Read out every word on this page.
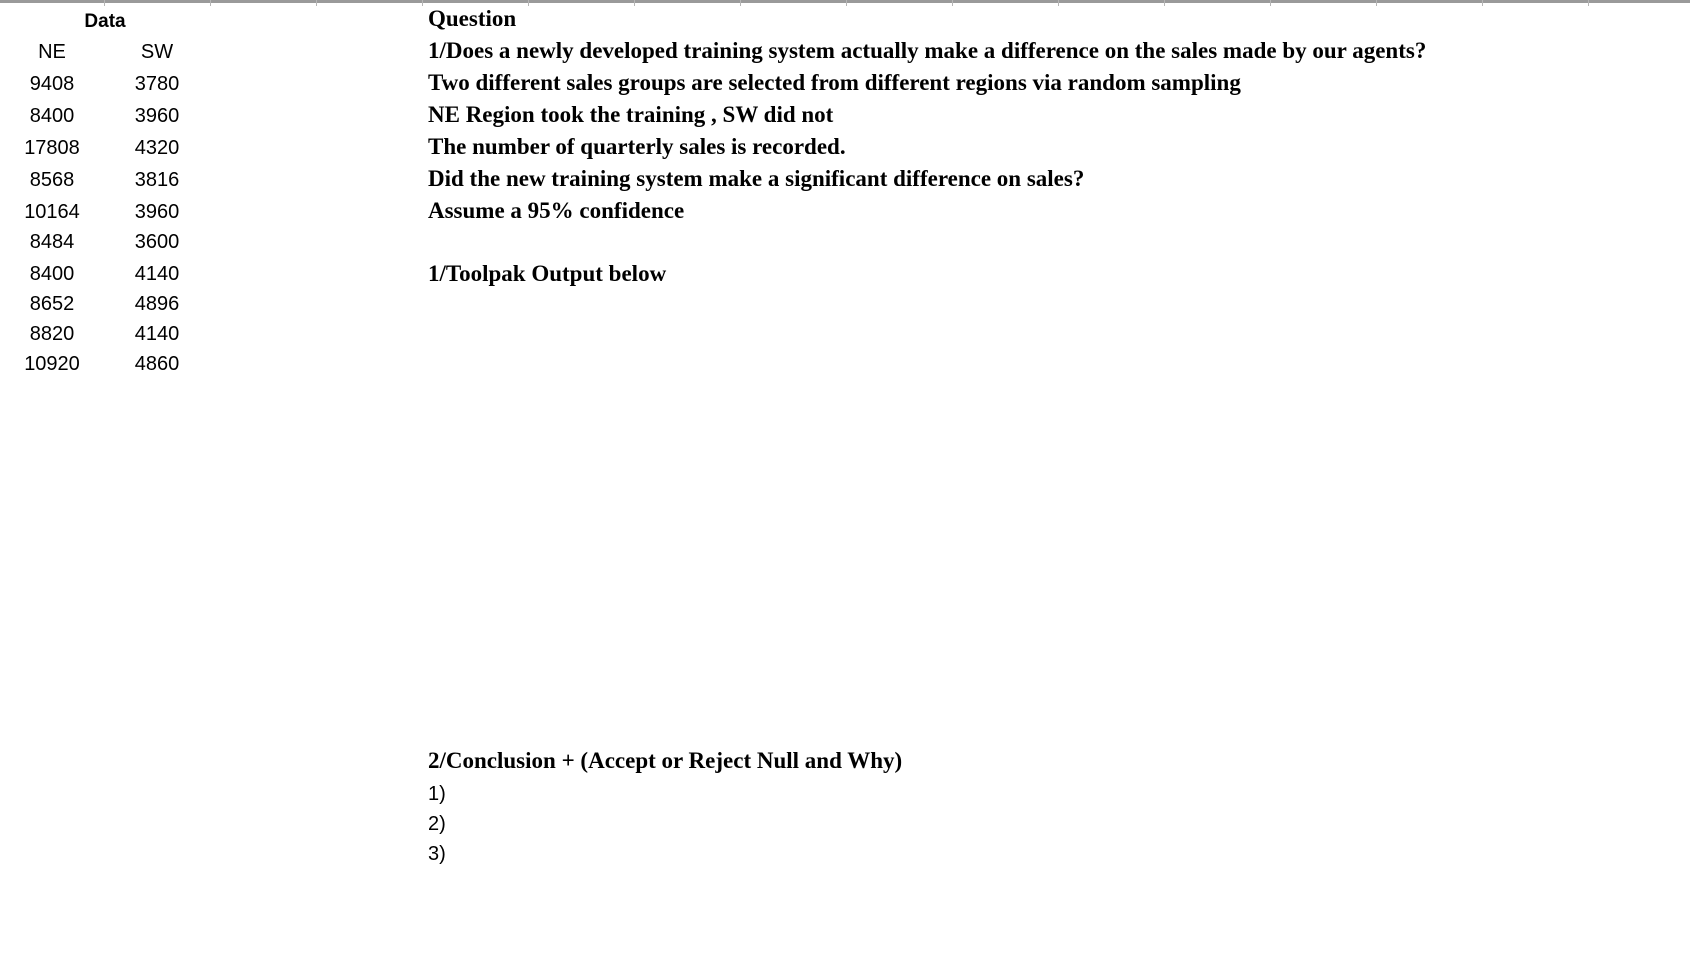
Data
NE	SW
9408	3780
8400	3960
17808	4320
8568	3816
10164	3960
8484	3600
8400	4140
8652	4896
8820	4140
10920	4860
Question
1/Does a newly developed training system actually make a difference on the sales made by our agents?
Two different sales groups are selected from different regions via random sampling
NE Region took the training , SW did not
The number of quarterly sales is recorded.
Did the new training system make a significant difference on sales?
Assume a 95% confidence
1/Toolpak Output below
2/Conclusion + (Accept or Reject Null and Why)
1)
2)
3)
